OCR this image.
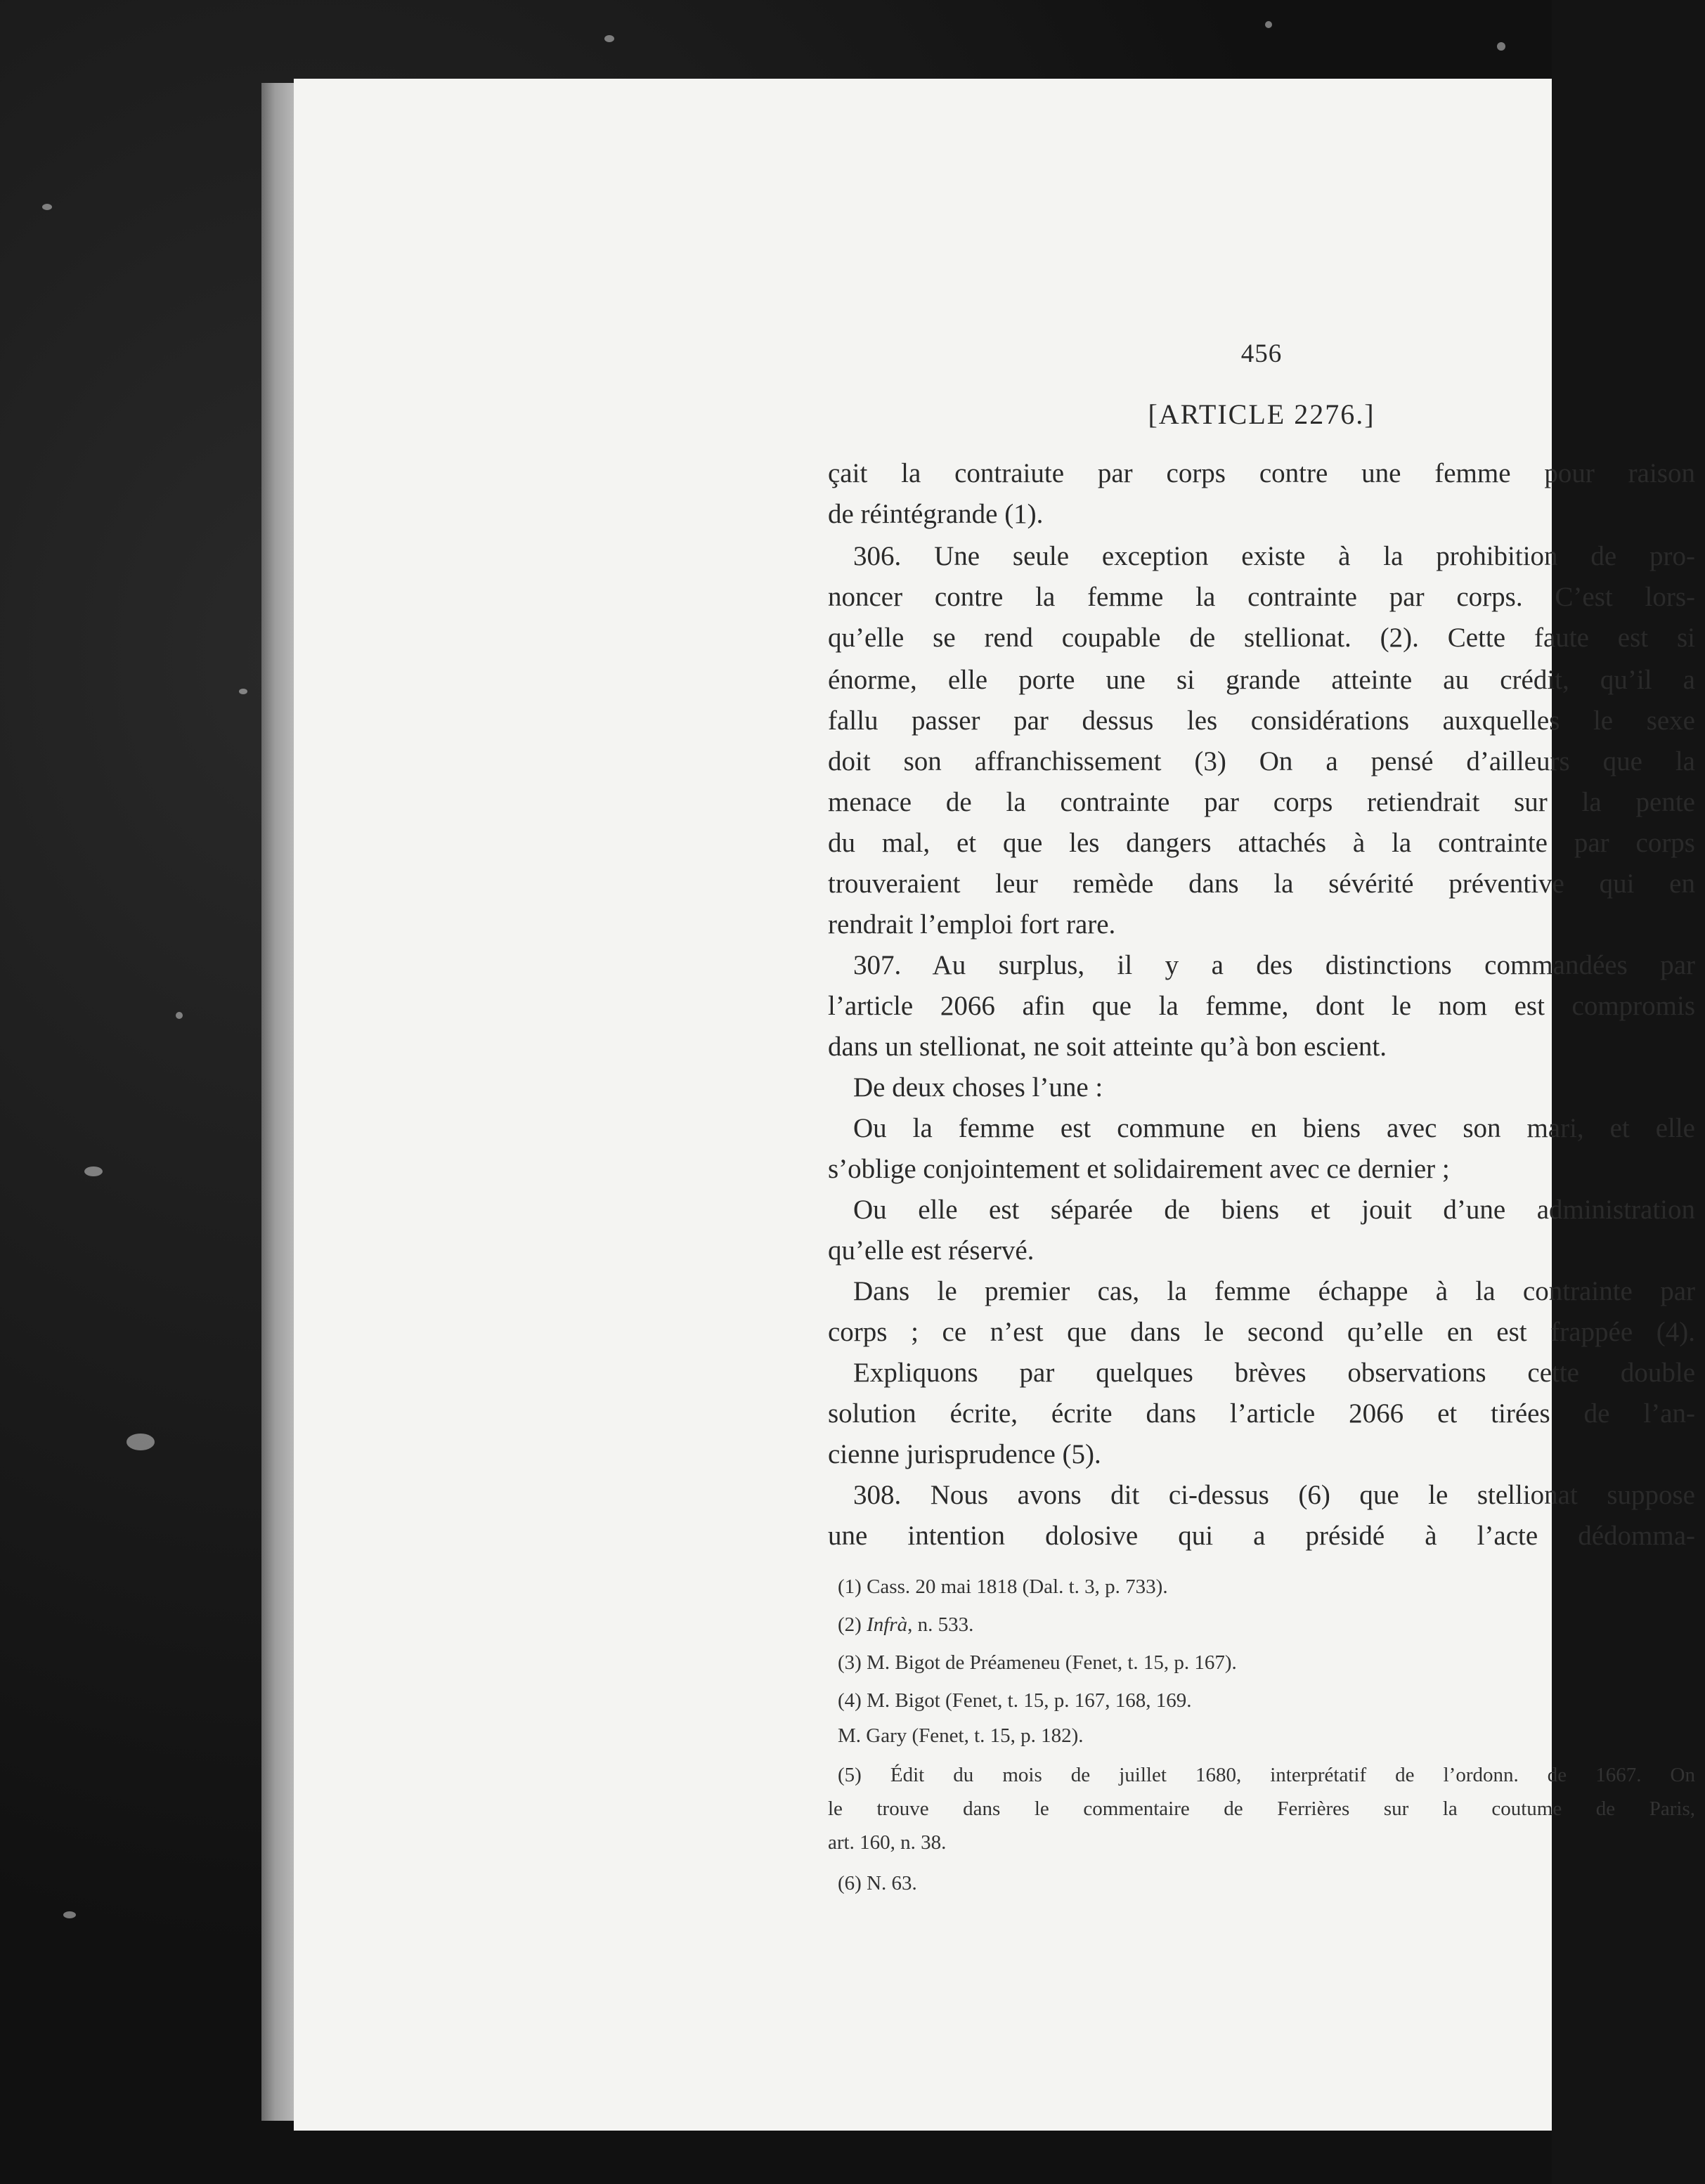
456
[ARTICLE 2276.]
çait la contraiute par corps contre une femme pour raison
de réintégrande (1).
306. Une seule exception existe à la prohibition de pro-
noncer contre la femme la contrainte par corps. C’est lors-
qu’elle se rend coupable de stellionat. (2). Cette faute est si
énorme, elle porte une si grande atteinte au crédit, qu’il a
fallu passer par dessus les considérations auxquelles le sexe
doit son affranchissement (3) On a pensé d’ailleurs que la
menace de la contrainte par corps retiendrait sur la pente
du mal, et que les dangers attachés à la contrainte par corps
trouveraient leur remède dans la sévérité préventive qui en
rendrait l’emploi fort rare.
307. Au surplus, il y a des distinctions commandées par
l’article 2066 afin que la femme, dont le nom est compromis
dans un stellionat, ne soit atteinte qu’à bon escient.
De deux choses l’une :
Ou la femme est commune en biens avec son mari, et elle
s’oblige conjointement et solidairement avec ce dernier ;
Ou elle est séparée de biens et jouit d’une administration
qu’elle est réservé.
Dans le premier cas, la femme échappe à la contrainte par
corps ; ce n’est que dans le second qu’elle en est frappée (4).
Expliquons par quelques brèves observations cette double
solution écrite, écrite dans l’article 2066 et tirées de l’an-
cienne jurisprudence (5).
308. Nous avons dit ci-dessus (6) que le stellionat suppose
une intention dolosive qui a présidé à l’acte dédomma-
(1) Cass. 20 mai 1818 (Dal. t. 3, p. 733).
(2) Infrà, n. 533.
(3) M. Bigot de Préameneu (Fenet, t. 15, p. 167).
(4) M. Bigot (Fenet, t. 15, p. 167, 168, 169.
M. Gary (Fenet, t. 15, p. 182).
(5) Édit du mois de juillet 1680, interprétatif de l’ordonn. de 1667. On
le trouve dans le commentaire de Ferrières sur la coutume de Paris,
art. 160, n. 38.
(6) N. 63.
